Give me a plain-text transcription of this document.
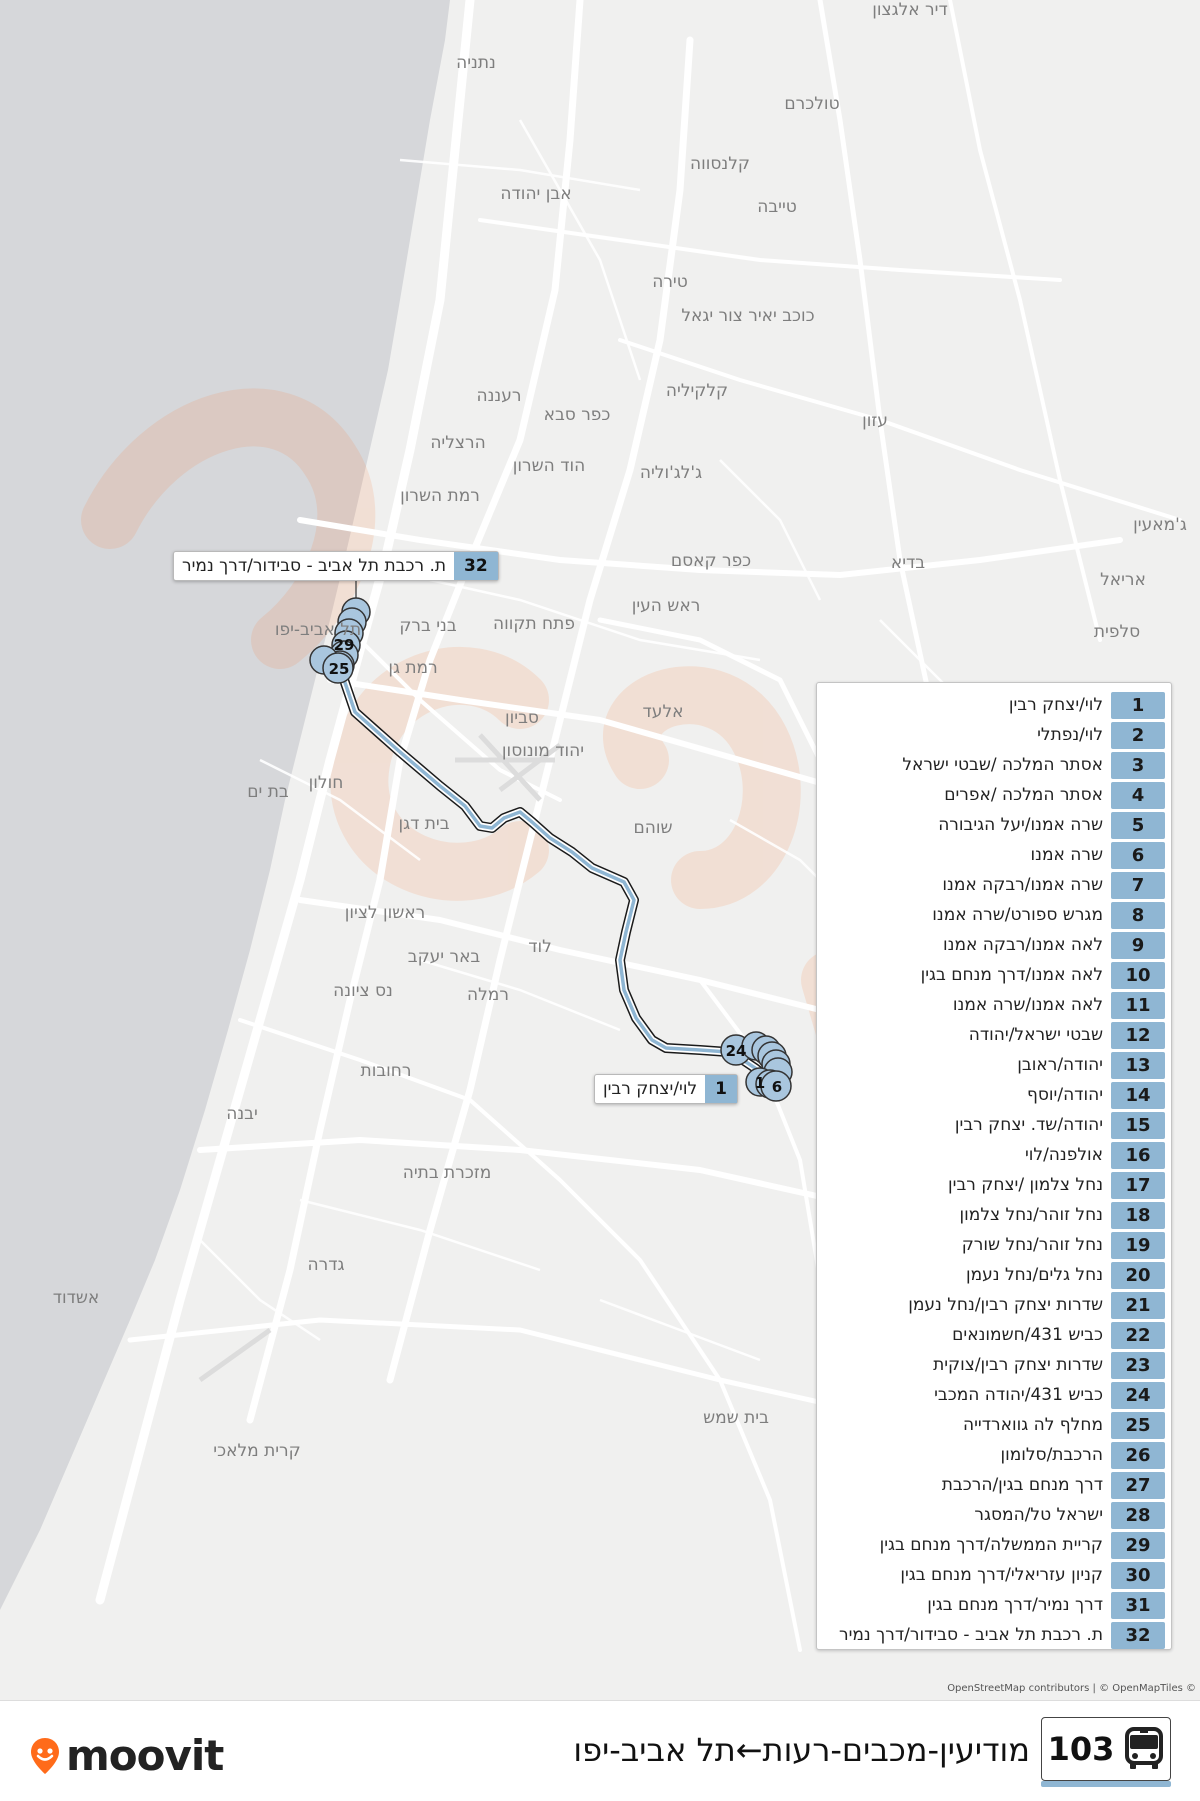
25
29
24
1 6
דיר אלגצון
נתניה
טולכרם
קלנסווה
אבן יהודה
טייבה
טירה
כוכב יאיר צור יגאל
רעננה
כפר סבא
קלקיליה
עזון
הרצליה
הוד השרון	ג'לג'וליה
רמת השרון
ג'מאעין
כפר קאסם	בדיא
אריאל
ראש העין
פתח תקווה
בני ברק
תל אביב-יפו	סלפית
רמת גן
אלעד
סביון
יהוד מונוסון
בת ים חולון
בית דגן	שוהם
ראשון לציון
באר יעקב	לוד
נס ציונה	רמלה
רחובות
יבנה
מזכרת בתיה
גדרה
אשדוד
בית שמש
קרית מלאכי
32
ת. רכבת תל אביב - סבידור/דרך נמיר
1
לוי/יצחק רבין
1
לוי/יצחק רבין
2
לוי/נפתלי
3
אסתר המלכה /שבטי ישראל
4
אסתר המלכה /אפרים
5
שרה אמנו/יעל הגיבורה
6
שרה אמנו
7
שרה אמנו/רבקה אמנו
8
מגרש ספורט/שרה אמנו
9
לאה אמנו/רבקה אמנו
10
לאה אמנו/דרך מנחם בגין
11
לאה אמנו/שרה אמנו
12
שבטי ישראל/יהודה
13
יהודה/ראובן
14
יהודה/יוסף
15
יהודה/שד. יצחק רבין
16
אולפנה/לוי
17
נחל צלמון /יצחק רבין
18
נחל זוהר/נחל צלמון
19
נחל זוהר/נחל שורק
20
נחל גלים/נחל נעמן
21
שדרות יצחק רבין/נחל נעמן
22
כביש 431/חשמונאים
23
שדרות יצחק רבין/צוקית
24
כביש 431/יהודה המכבי
25
מחלף לה גווארדייה
26
הרכבת/סלומון
27
דרך מנחם בגין/הרכבת
28
ישראל טל/המסגר
29
קריית הממשלה/דרך מנחם בגין
30
קניון עזריאלי/דרך מנחם בגין
31
דרך נמיר/דרך מנחם בגין
32
ת. רכבת תל אביב - סבידור/דרך נמיר
OpenStreetMap contributors | © OpenMapTiles ©
moovit	מודיעין-מכבים-רעות←תל אביב-יפו 103
